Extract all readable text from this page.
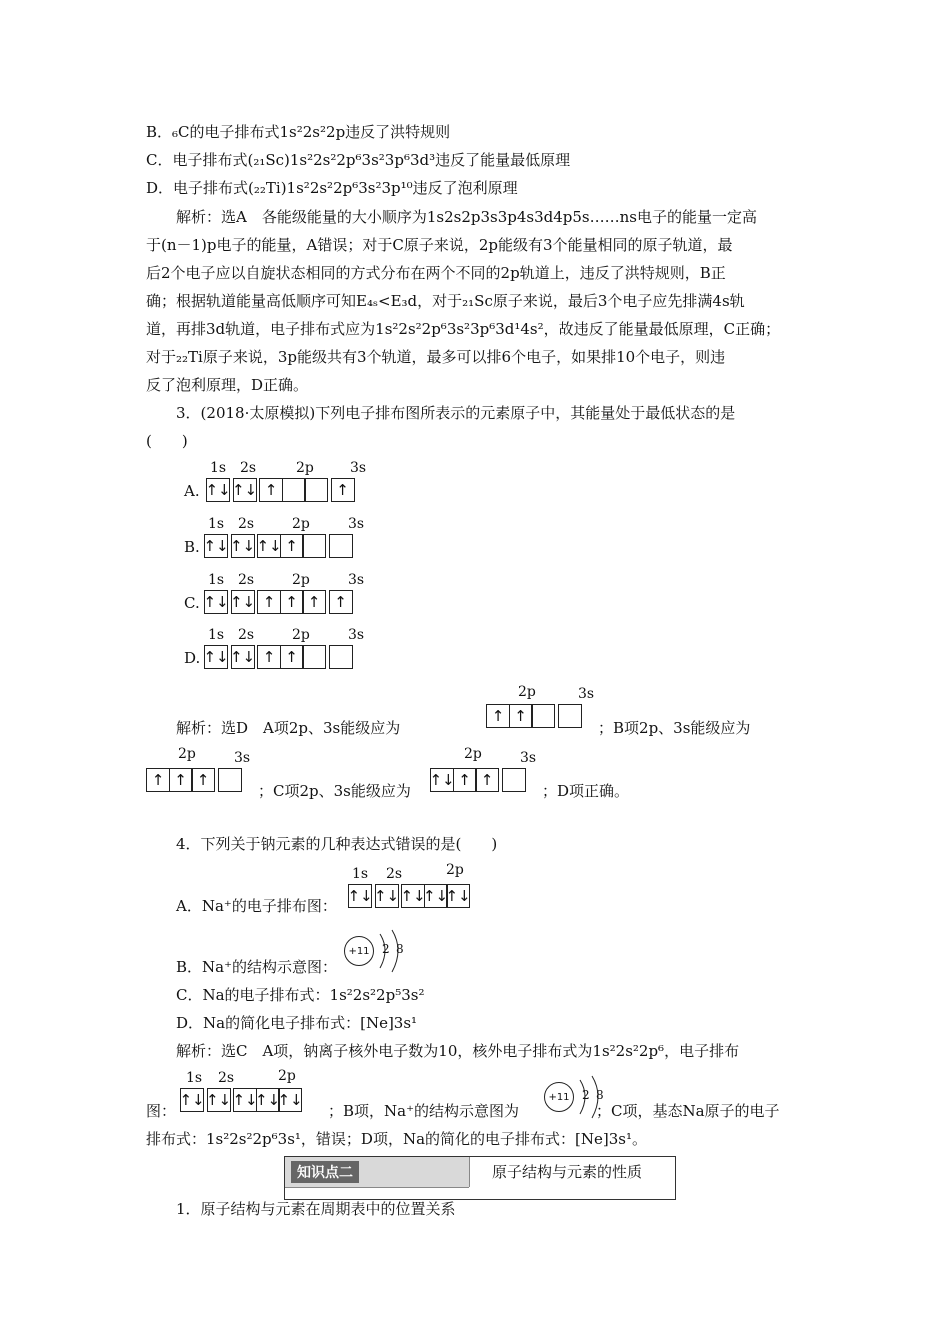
B．₆C的电子排布式1s²2s²2p违反了洪特规则
C．电子排布式(₂₁Sc)1s²2s²2p⁶3s²3p⁶3d³违反了能量最低原理
D．电子排布式(₂₂Ti)1s²2s²2p⁶3s²3p¹⁰违反了泡利原理
解析：选A　各能级能量的大小顺序为1s2s2p3s3p4s3d4p5s……ns电子的能量一定高
于(n－1)p电子的能量，A错误；对于C原子来说，2p能级有3个能量相同的原子轨道，最
后2个电子应以自旋状态相同的方式分布在两个不同的2p轨道上，违反了洪特规则，B正
确；根据轨道能量高低顺序可知E₄ₛ<E₃d，对于₂₁Sc原子来说，最后3个电子应先排满4s轨
道，再排3d轨道，电子排布式应为1s²2s²2p⁶3s²3p⁶3d¹4s²，故违反了能量最低原理，C正确；
对于₂₂Ti原子来说，3p能级共有3个轨道，最多可以排6个电子，如果排10个电子，则违
反了泡利原理，D正确。
3．(2018·太原模拟)下列电子排布图所表示的元素原子中，其能量处于最低状态的是
(　　)
1s 2s	2p	3s
A. ↑↓ ↑↓ ↑	↑
1s 2s	2p	3s
B. ↑↓ ↑↓ ↑↓ ↑
1s 2s	2p	3s
C. ↑↓ ↑↓ ↑ ↑ ↑ ↑
1s 2s	2p	3s
D. ↑↓ ↑↓ ↑ ↑
解析：选D　A项2p、3s能级应为
2p	3s
↑ ↑
；B项2p、3s能级应为
2p	3s
↑ ↑ ↑
；C项2p、3s能级应为
2p	3s
↑↓ ↑ ↑
；D项正确。
4．下列关于钠元素的几种表达式错误的是(　　)
A．Na⁺的电子排布图：
1s 2s	2p
↑↓ ↑↓ ↑↓
↑↓
↑↓
B．Na⁺的结构示意图：
+11	2 8
C．Na的电子排布式：1s²2s²2p⁵3s²
D．Na的简化电子排布式：[Ne]3s¹
解析：选C　A项，钠离子核外电子数为10，核外电子排布式为1s²2s²2p⁶，电子排布
图：
1s 2s	2p
↑↓ ↑↓ ↑↓
↑↓
↑↓
；B项，Na⁺的结构示意图为
+11	2 8
；C项，基态Na原子的电子
排布式：1s²2s²2p⁶3s¹，错误；D项，Na的简化的电子排布式：[Ne]3s¹。
知识点二	原子结构与元素的性质
1．原子结构与元素在周期表中的位置关系
